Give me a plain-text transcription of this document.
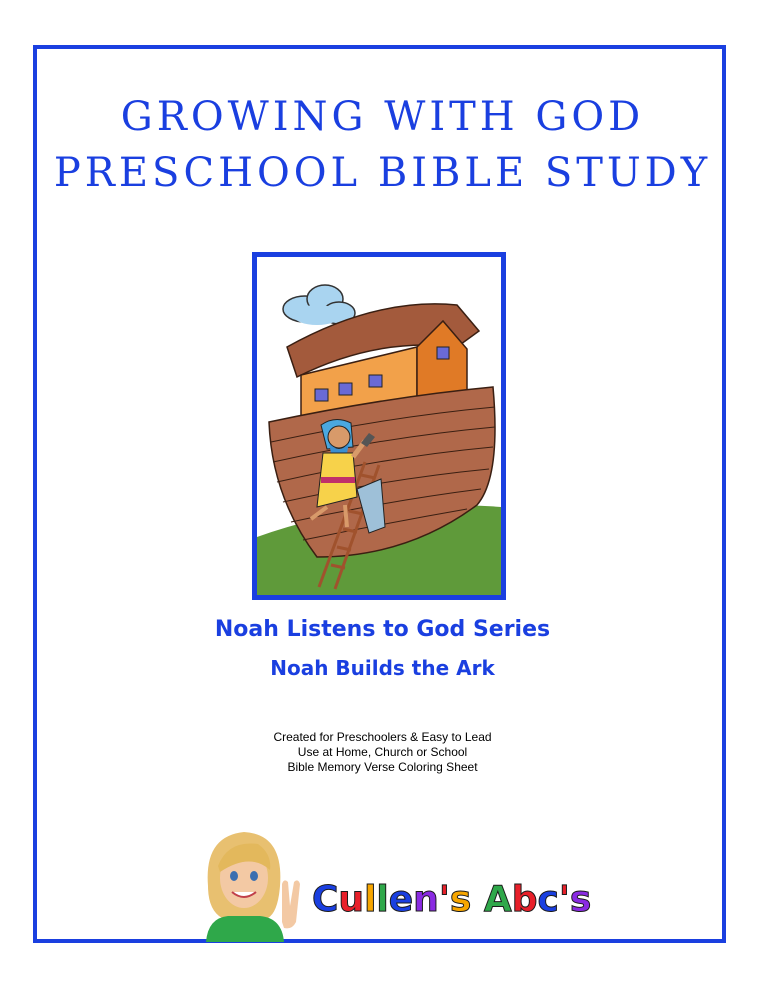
GROWING WITH GOD
PRESCHOOL BIBLE STUDY
Noah Listens to God Series
Noah Builds the Ark
Created for Preschoolers & Easy to Lead
Use at Home, Church or School
Bible Memory Verse Coloring Sheet
Cullen's Abc's
